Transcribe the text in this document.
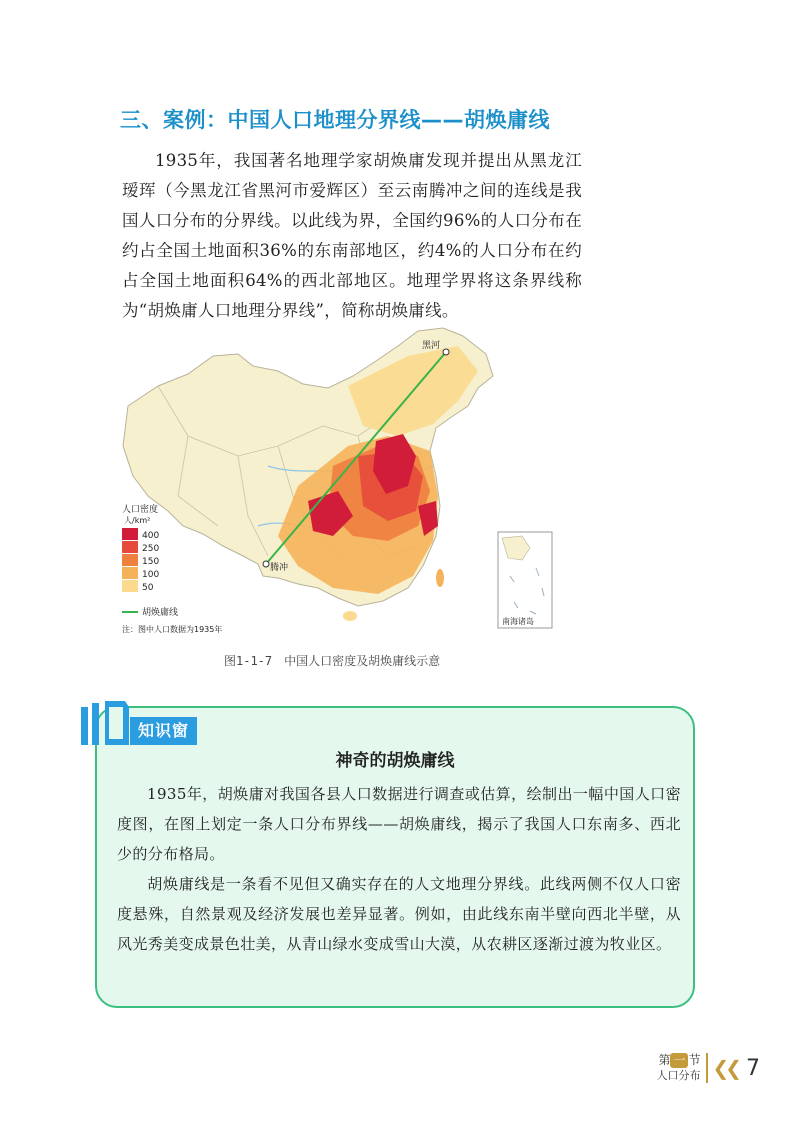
三、案例：中国人口地理分界线——胡焕庸线
1935年，我国著名地理学家胡焕庸发现并提出从黑龙江瑷珲（今黑龙江省黑河市爱辉区）至云南腾冲之间的连线是我国人口分布的分界线。以此线为界，全国约96%的人口分布在约占全国土地面积36%的东南部地区，约4%的人口分布在约占全国土地面积64%的西北部地区。地理学界将这条界线称为“胡焕庸人口地理分界线”，简称胡焕庸线。
黑河
腾冲
南海诸岛
人口密度
人/km²
400
250
150
100
50
胡焕庸线
注：图中人口数据为1935年
图1-1-7　中国人口密度及胡焕庸线示意
知识窗
神奇的胡焕庸线

1935年，胡焕庸对我国各县人口数据进行调查或估算，绘制出一幅中国人口密度图，在图上划定一条人口分布界线——胡焕庸线，揭示了我国人口东南多、西北少的分布格局。

胡焕庸线是一条看不见但又确实存在的人文地理分界线。此线两侧不仅人口密度悬殊，自然景观及经济发展也差异显著。例如，由此线东南半壁向西北半壁，从风光秀美变成景色壮美，从青山绿水变成雪山大漠，从农耕区逐渐过渡为牧业区。

第 一 节
人口分布 ❮❮ 7
